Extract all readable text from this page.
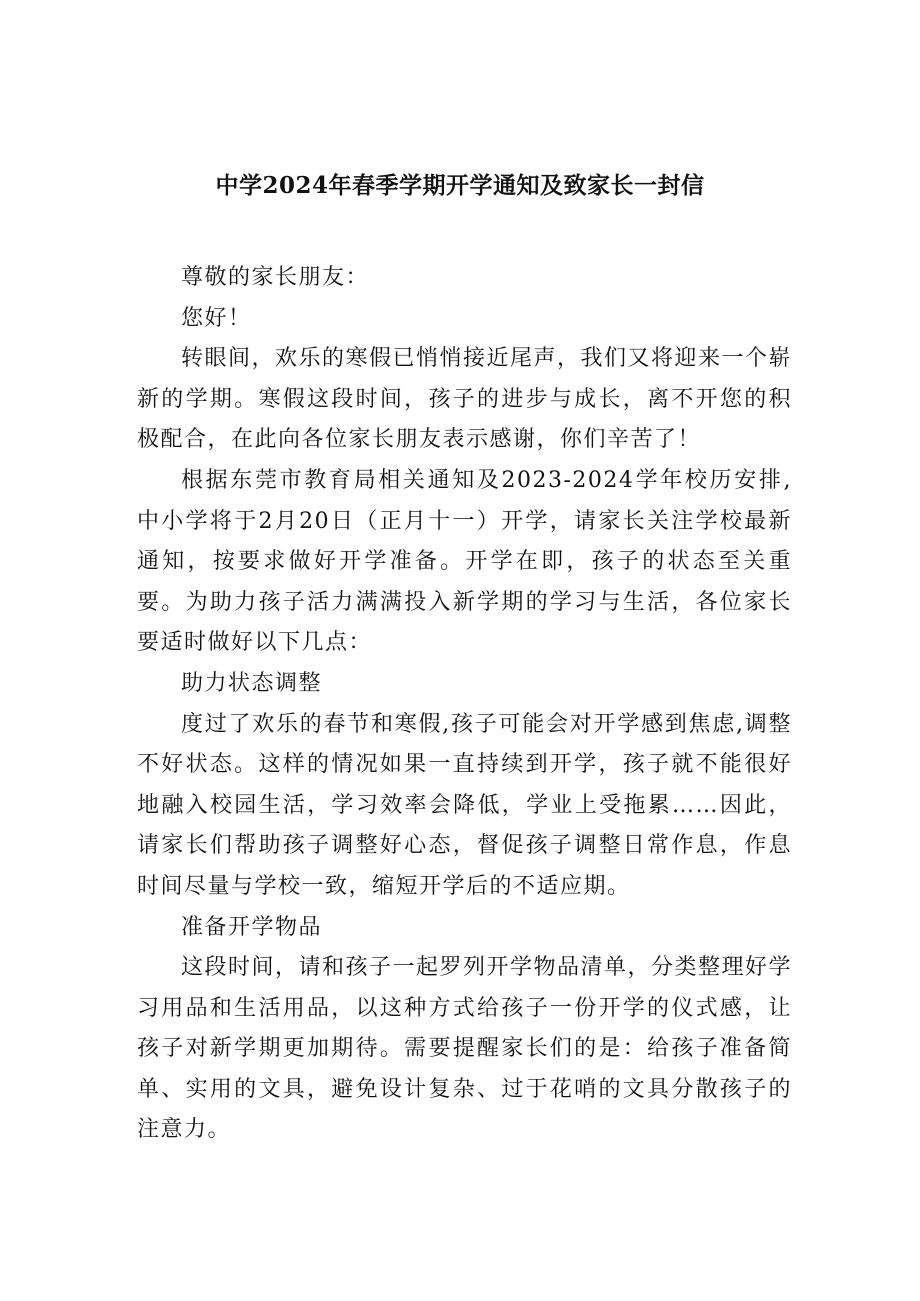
中学2024年春季学期开学通知及致家长一封信

尊敬的家长朋友：

您好！

转眼间，欢乐的寒假已悄悄接近尾声，我们又将迎来一个崭新的学期。寒假这段时间，孩子的进步与成长，离不开您的积极配合，在此向各位家长朋友表示感谢，你们辛苦了！

根据东莞市教育局相关通知及2023-2024学年校历安排,中小学将于2月20日（正月十一）开学，请家长关注学校最新通知，按要求做好开学准备。开学在即，孩子的状态至关重要。为助力孩子活力满满投入新学期的学习与生活，各位家长要适时做好以下几点：

助力状态调整

度过了欢乐的春节和寒假,孩子可能会对开学感到焦虑,调整不好状态。这样的情况如果一直持续到开学，孩子就不能很好地融入校园生活，学习效率会降低，学业上受拖累……因此，请家长们帮助孩子调整好心态，督促孩子调整日常作息，作息时间尽量与学校一致，缩短开学后的不适应期。

准备开学物品

这段时间，请和孩子一起罗列开学物品清单，分类整理好学习用品和生活用品，以这种方式给孩子一份开学的仪式感，让孩子对新学期更加期待。需要提醒家长们的是：给孩子准备简单、实用的文具，避免设计复杂、过于花哨的文具分散孩子的注意力。
